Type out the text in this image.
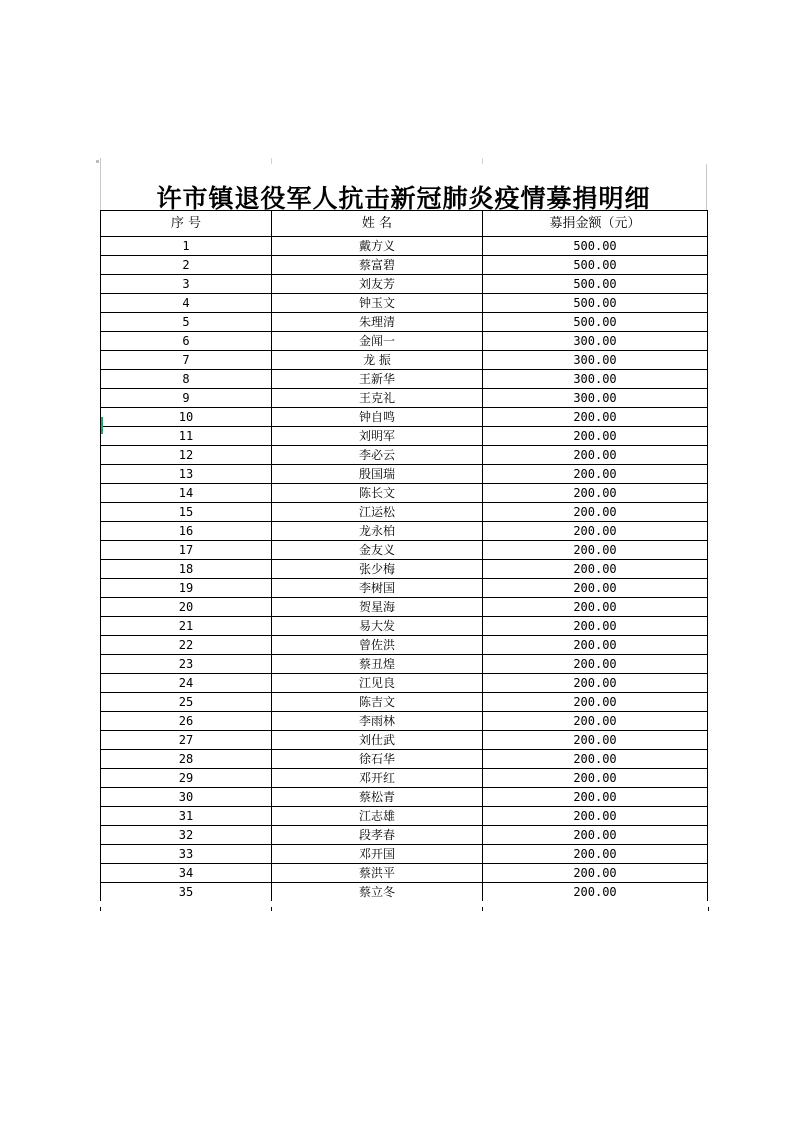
许市镇退役军人抗击新冠肺炎疫情募捐明细
序 号	姓 名	募捐金额（元）
1	戴方义	500.00
2	蔡富碧	500.00
3	刘友芳	500.00
4	钟玉文	500.00
5	朱理清	500.00
6	金闻一	300.00
7	龙 振	300.00
8	王新华	300.00
9	王克礼	300.00
10	钟自鸣	200.00
11	刘明军	200.00
12	李必云	200.00
13	殷国瑞	200.00
14	陈长文	200.00
15	江运松	200.00
16	龙永柏	200.00
17	金友义	200.00
18	张少梅	200.00
19	李树国	200.00
20	贺星海	200.00
21	易大发	200.00
22	曾佐洪	200.00
23	蔡丑煌	200.00
24	江见良	200.00
25	陈吉文	200.00
26	李雨林	200.00
27	刘仕武	200.00
28	徐石华	200.00
29	邓开红	200.00
30	蔡松青	200.00
31	江志雄	200.00
32	段孝春	200.00
33	邓开国	200.00
34	蔡洪平	200.00
35	蔡立冬	200.00
